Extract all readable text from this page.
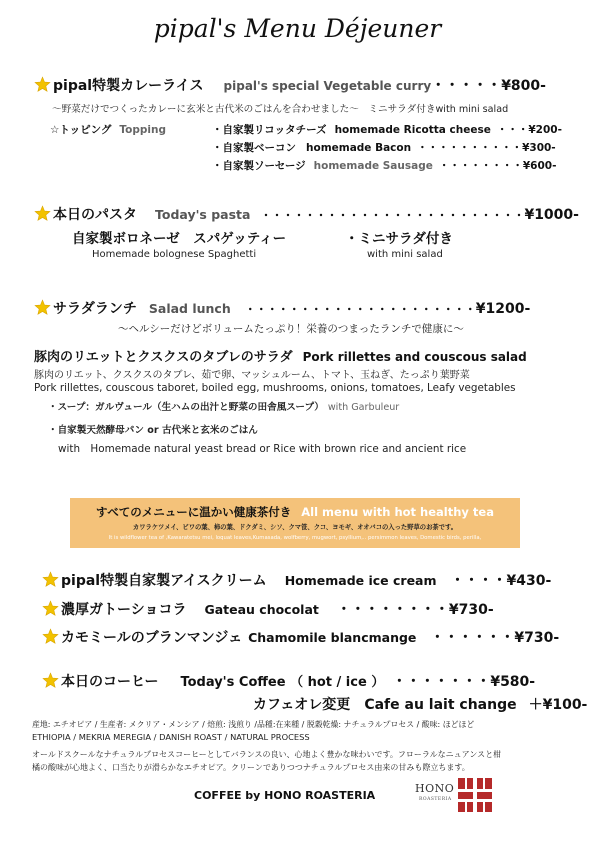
pipal's Menu Déjeuner
pipal特製カレーライス pipal's special Vegetable curry・・・・・¥800-
～野菜だけでつくったカレーに玄米と古代米のごはんを合わせました～　ミニサラダ付きwith mini salad
☆トッピング Topping	・自家製リコッタチーズ homemade Ricotta cheese ・・・¥200-
・自家製ベーコン homemade Bacon ・・・・・・・・・・¥300-
・自家製ソーセージ homemade Sausage ・・・・・・・・¥600-
本日のパスタ Today's pasta ・・・・・・・・・・・・・・・・・・・・・・・・¥1000-
自家製ボロネーゼ　スパゲッティー	・ミニサラダ付き
Homemade bolognese Spaghetti	with mini salad
サラダランチ Salad lunch ・・・・・・・・・・・・・・・・・・・・・¥1200-
～ヘルシーだけどボリュームたっぷり！栄養のつまったランチで健康に～
豚肉のリエットとクスクスのタブレのサラダ Pork rillettes and couscous salad
豚肉のリエット、クスクスのタブレ、茹で卵、マッシュルーム、トマト、玉ねぎ、たっぷり葉野菜
Pork rillettes, couscous taboret, boiled egg, mushrooms, onions, tomatoes, Leafy vegetables
・スープ：ガルヴュール（生ハムの出汁と野菜の田舎風スープ） with Garbuleur
・自家製天然酵母パン or 古代米と玄米のごはん
with　Homemade natural yeast bread or Rice with brown rice and ancient rice
すべてのメニューに温かい健康茶付き All menu with hot healthy tea
カワラケツメイ、ビワの葉、柿の葉、ドクダミ、シソ、クマ笹、クコ、ヨモギ、オオバコの入った野草のお茶です。
It is wildflower tea of ,Kawaratetsu mei, loquat leaves,Kumasada, wolfberry, mugwort, psyllium,.. persimmon leaves, Domestic birds, perilla,
pipal特製自家製アイスクリーム Homemade ice cream ・・・・¥430-
濃厚ガトーショコラ Gateau chocolat ・・・・・・・・¥730-
カモミールのブランマンジェ Chamomile blancmange ・・・・・・¥730-
本日のコーヒー Today's Coffee （ hot / ice ） ・・・・・・・¥580-
カフェオレ変更 Cafe au lait change ＋¥100-
産地: エチオピア / 生産者: メクリア・メンシア / 焙煎: 浅煎り /品種:在来種 / 脱穀乾燥: ナチュラルプロセス / 酸味: ほどほど
ETHIOPIA / MEKRIA MEREGIA / DANISH ROAST / NATURAL PROCESS
オールドスクールなナチュラルプロセスコーヒーとしてバランスの良い、心地よく豊かな味わいです。フローラルなニュアンスと柑
橘の酸味が心地よく、口当たりが滑らかなエチオピア。クリーンでありつつナチュラルプロセス由来の甘みも際立ちます。
COFFEE by HONO ROASTERIA
HONO
ROASTERIA
